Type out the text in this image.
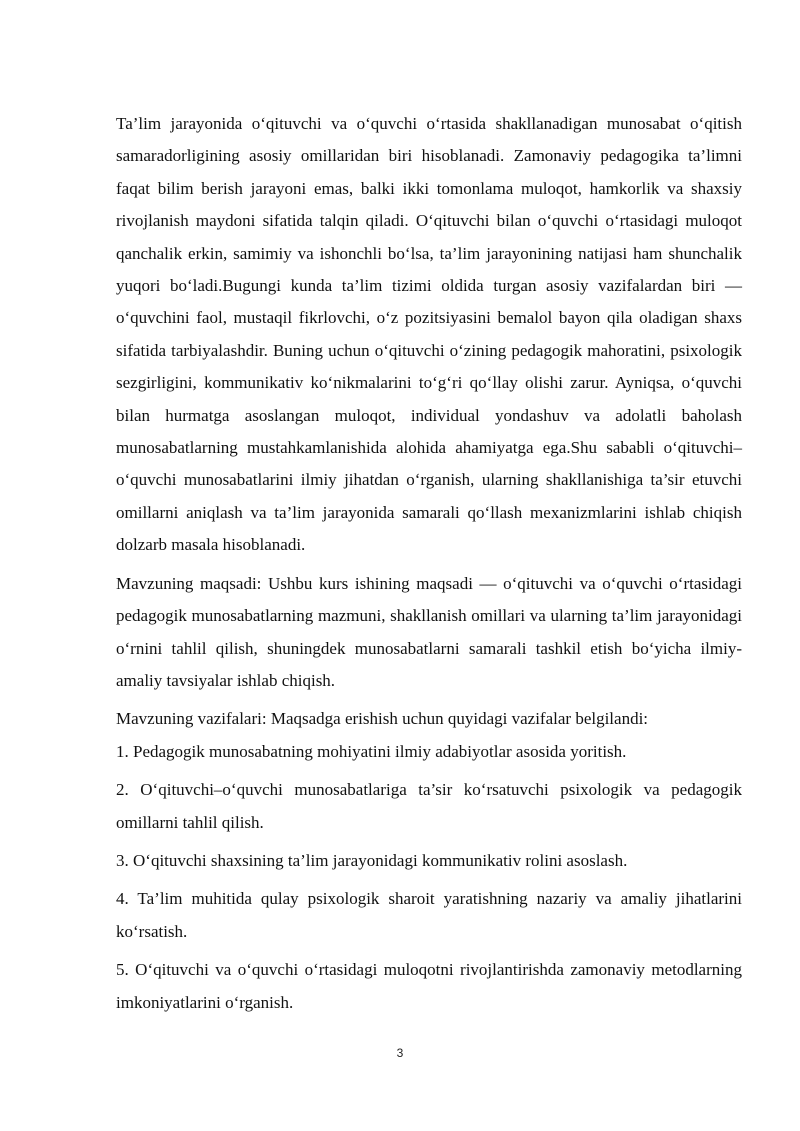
Ta’lim jarayonida o‘qituvchi va o‘quvchi o‘rtasida shakllanadigan munosabat o‘qitish samaradorligining asosiy omillaridan biri hisoblanadi. Zamonaviy pedagogika ta’limni faqat bilim berish jarayoni emas, balki ikki tomonlama muloqot, hamkorlik va shaxsiy rivojlanish maydoni sifatida talqin qiladi. O‘qituvchi bilan o‘quvchi o‘rtasidagi muloqot qanchalik erkin, samimiy va ishonchli bo‘lsa, ta’lim jarayonining natijasi ham shunchalik yuqori bo‘ladi.Bugungi kunda ta’lim tizimi oldida turgan asosiy vazifalardan biri — o‘quvchini faol, mustaqil fikrlovchi, o‘z pozitsiyasini bemalol bayon qila oladigan shaxs sifatida tarbiyalashdir. Buning uchun o‘qituvchi o‘zining pedagogik mahoratini, psixologik sezgirligini, kommunikativ ko‘nikmalarini to‘g‘ri qo‘llay olishi zarur. Ayniqsa, o‘quvchi bilan hurmatga asoslangan muloqot, individual yondashuv va adolatli baholash munosabatlarning mustahkamlanishida alohida ahamiyatga ega.Shu sababli o‘qituvchi–o‘quvchi munosabatlarini ilmiy jihatdan o‘rganish, ularning shakllanishiga ta’sir etuvchi omillarni aniqlash va ta’lim jarayonida samarali qo‘llash mexanizmlarini ishlab chiqish dolzarb masala hisoblanadi.

Mavzuning maqsadi: Ushbu kurs ishining maqsadi — o‘qituvchi va o‘quvchi o‘rtasidagi pedagogik munosabatlarning mazmuni, shakllanish omillari va ularning ta’lim jarayonidagi o‘rnini tahlil qilish, shuningdek munosabatlarni samarali tashkil etish bo‘yicha ilmiy-amaliy tavsiyalar ishlab chiqish.

Mavzuning vazifalari: Maqsadga erishish uchun quyidagi vazifalar belgilandi:

1. Pedagogik munosabatning mohiyatini ilmiy adabiyotlar asosida yoritish.

2. O‘qituvchi–o‘quvchi munosabatlariga ta’sir ko‘rsatuvchi psixologik va pedagogik omillarni tahlil qilish.

3. O‘qituvchi shaxsining ta’lim jarayonidagi kommunikativ rolini asoslash.

4. Ta’lim muhitida qulay psixologik sharoit yaratishning nazariy va amaliy jihatlarini ko‘rsatish.

5. O‘qituvchi va o‘quvchi o‘rtasidagi muloqotni rivojlantirishda zamonaviy metodlarning imkoniyatlarini o‘rganish.

3
